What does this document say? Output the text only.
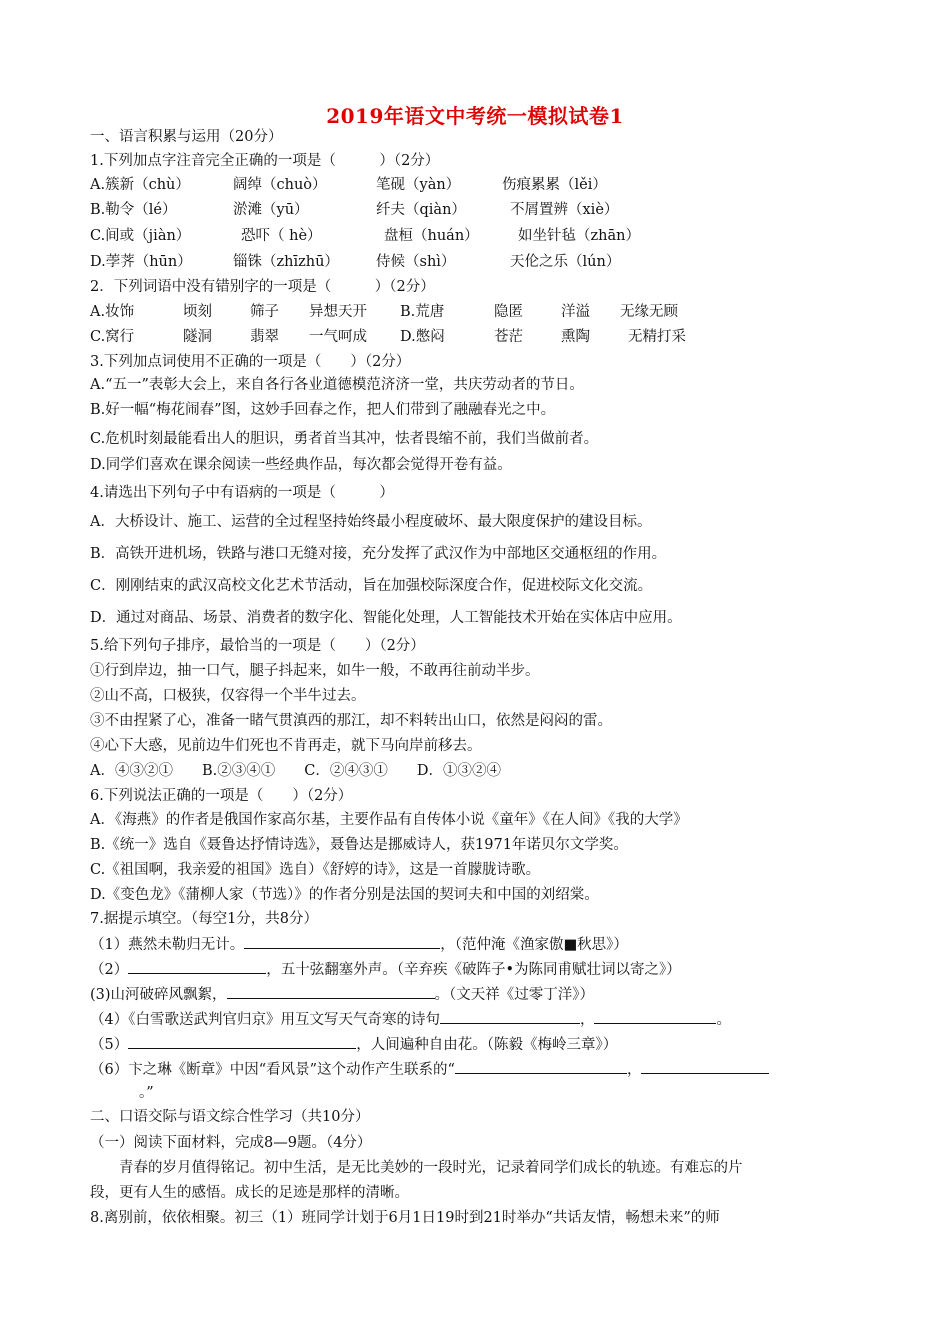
2019年语文中考统一模拟试卷1
一、语言积累与运用（20分）
1.下列加点字注音完全正确的一项是（　　　）（2分）
A.簇新（chù）	阔绰（chuò）	笔砚（yàn）	伤痕累累（lěi）
B.勒令（lé）	淤滩（yū）	纤夫（qiàn）	不屑置辨（xiè）
C.间或（jiàn）	恐吓（ hè）	盘桓（huán）	如坐针毡（zhān）
D.荸荠（hūn）	锱铢（zhīzhū）	侍候（shì）	天伦之乐（lún）
2．下列词语中没有错别字的一项是（　　　）（2分）
A.妆饰	顷刻	筛子 异想天开 B.荒唐	隐匿	洋溢 无缘无顾
C.窝行	隧洞	翡翠 一气呵成 D.憋闷	苍茫	熏陶	无精打采
3.下列加点词使用不正确的一项是（　　）（2分）
A.“五一”表彰大会上，来自各行各业道德模范济济一堂，共庆劳动者的节日。
B.好一幅“梅花闹春”图，这妙手回春之作，把人们带到了融融春光之中。
C.危机时刻最能看出人的胆识，勇者首当其冲，怯者畏缩不前，我们当做前者。
D.同学们喜欢在课余阅读一些经典作品，每次都会觉得开卷有益。
4.请选出下列句子中有语病的一项是（　　　）
A．大桥设计、施工、运营的全过程坚持始终最小程度破坏、最大限度保护的建设目标。
B．高铁开进机场，铁路与港口无缝对接，充分发挥了武汉作为中部地区交通枢纽的作用。
C．刚刚结束的武汉高校文化艺术节活动，旨在加强校际深度合作，促进校际文化交流。
D．通过对商品、场景、消费者的数字化、智能化处理，人工智能技术开始在实体店中应用。
5.给下列句子排序，最恰当的一项是（　　）（2分）
①行到岸边，抽一口气，腿子抖起来，如牛一般，不敢再往前动半步。
②山不高，口极狭，仅容得一个半牛过去。
③不由捏紧了心，准备一睹气贯滇西的那江，却不料转出山口，依然是闷闷的雷。
④心下大惑，见前边牛们死也不肯再走，就下马向岸前移去。
A．④③②①　　B.②③④①　　C．②④③①　　D．①③②④
6.下列说法正确的一项是（　　）（2分）
A．《海燕》的作者是俄国作家高尔基，主要作品有自传体小说《童年》《在人间》《我的大学》
B.《统一》选自《聂鲁达抒情诗选》，聂鲁达是挪威诗人，获1971年诺贝尔文学奖。
C.《祖国啊，我亲爱的祖国》选自）《舒婷的诗》，这是一首朦胧诗歌。
D.《变色龙》《蒲柳人家（节选）》的作者分别是法国的契诃夫和中国的刘绍棠。
7.据提示填空。（每空1分，共8分）
（1）燕然未勒归无计。	，（范仲淹《渔家傲■秋思》）
（2）	，五十弦翻塞外声。（辛弃疾《破阵子•为陈同甫赋壮词以寄之》）
(3)山河破碎风飘絮，	。（文天祥《过零丁洋》）
（4）《白雪歌送武判官归京》用互文写天气奇寒的诗句	，	。
（5）	，人间遍种自由花。（陈毅《梅岭三章》）
（6）卞之琳《断章》中因“看风景”这个动作产生联系的“	，
。”
二、口语交际与语文综合性学习（共10分）
（一）阅读下面材料，完成8—9题。（4分）
青春的岁月值得铭记。初中生活，是无比美妙的一段时光，记录着同学们成长的轨迹。有难忘的片
段，更有人生的感悟。成长的足迹是那样的清晰。
8.离别前，依依相聚。初三（1）班同学计划于6月1日19时到21时举办“共话友情，畅想未来”的师
